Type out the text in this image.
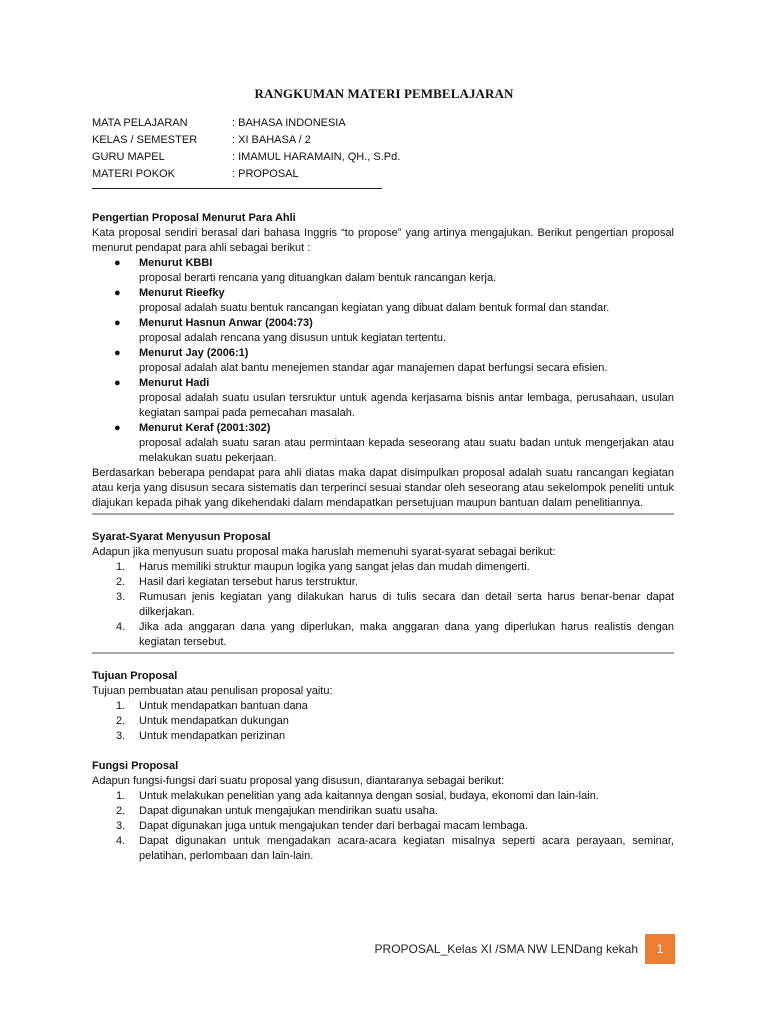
RANGKUMAN MATERI PEMBELAJARAN
MATA PELAJARAN	: BAHASA INDONESIA
KELAS / SEMESTER	: XI BAHASA / 2
GURU MAPEL	: IMAMUL HARAMAIN, QH., S.Pd.
MATERI POKOK	: PROPOSAL
Pengertian Proposal Menurut Para Ahli

Kata proposal sendiri berasal dari bahasa Inggris “to propose” yang artinya mengajukan. Berikut pengertian proposal menurut pendapat para ahli sebagai berikut :

● Menurut KBBI
proposal berarti rencana yang dituangkan dalam bentuk rancangan kerja.
● Menurut Rieefky
proposal adalah suatu bentuk rancangan kegiatan yang dibuat dalam bentuk formal dan standar.
● Menurut Hasnun Anwar (2004:73)
proposal adalah rencana yang disusun untuk kegiatan tertentu.
● Menurut Jay (2006:1)
proposal adalah alat bantu menejemen standar agar manajemen dapat berfungsi secara efisien.
● Menurut Hadi
proposal adalah suatu usulan tersruktur untuk agenda kerjasama bisnis antar lembaga, perusahaan, usulan kegiatan sampai pada pemecahan masalah.
● Menurut Keraf (2001:302)
proposal adalah suatu saran atau permintaan kepada seseorang atau suatu badan untuk mengerjakan atau melakukan suatu pekerjaan.

Berdasarkan beberapa pendapat para ahli diatas maka dapat disimpulkan proposal adalah suatu rancangan kegiatan atau kerja yang disusun secara sistematis dan terperinci sesuai standar oleh seseorang atau sekelompok peneliti untuk diajukan kepada pihak yang dikehendaki dalam mendapatkan persetujuan maupun bantuan dalam penelitiannya.

Syarat-Syarat Menyusun Proposal

Adapun jika menyusun suatu proposal maka haruslah memenuhi syarat-syarat sebagai berikut:

1. Harus memiliki struktur maupun logika yang sangat jelas dan mudah dimengerti.
2. Hasil dari kegiatan tersebut harus terstruktur.
3. Rumusan jenis kegiatan yang dilakukan harus di tulis secara dan detail serta harus benar-benar dapat dilkerjakan.
4. Jika ada anggaran dana yang diperlukan, maka anggaran dana yang diperlukan harus realistis dengan kegiatan tersebut.
Tujuan Proposal

Tujuan pembuatan atau penulisan proposal yaitu:

1. Untuk mendapatkan bantuan dana
2. Untuk mendapatkan dukungan
3. Untuk mendapatkan perizinan
Fungsi Proposal

Adapun fungsi-fungsi dari suatu proposal yang disusun, diantaranya sebagai berikut:

1. Untuk melakukan penelitian yang ada kaitannya dengan sosial, budaya, ekonomi dan lain-lain.
2. Dapat digunakan untuk mengajukan mendirikan suatu usaha.
3. Dapat digunakan juga untuk mengajukan tender dari berbagai macam lembaga.
4. Dapat digunakan untuk mengadakan acara-acara kegiatan misalnya seperti acara perayaan, seminar, pelatihan, perlombaan dan lain-lain.
PROPOSAL_Kelas XI /SMA NW LENDang kekah	1
